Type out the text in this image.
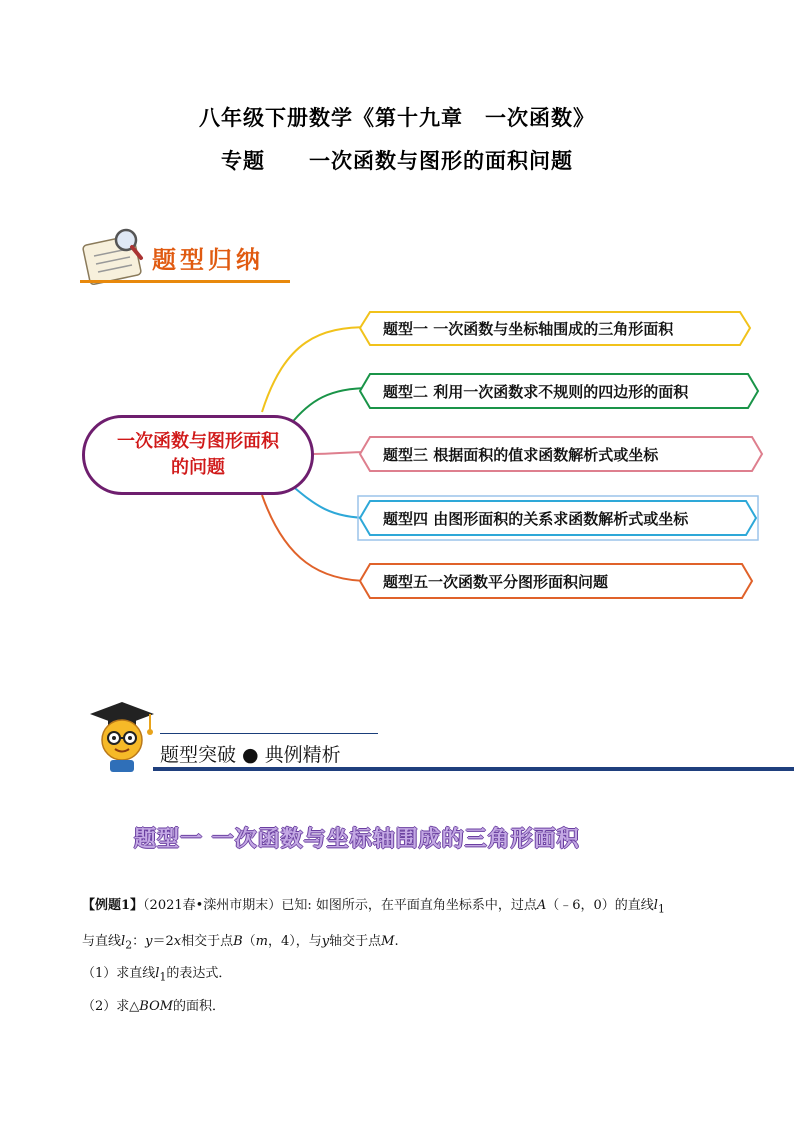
八年级下册数学《第十九章　一次函数》
专题　　一次函数与图形的面积问题
题型归纳
一次函数与图形面积的问题
题型一 一次函数与坐标轴围成的三角形面积
题型二 利用一次函数求不规则的四边形的面积
题型三 根据面积的值求函数解析式或坐标
题型四 由图形面积的关系求函数解析式或坐标
题型五一次函数平分图形面积问题
题型突破 ● 典例精析
题型一 一次函数与坐标轴围成的三角形面积
【例题1】（2021春•滦州市期末）已知: 如图所示，在平面直角坐标系中，过点A（﹣6，0）的直线$l_1$
与直线$l_2$：y＝2x相交于点B（m，4），与y轴交于点M.
（1）求直线$l_1$的表达式．
（2）求△BOM的面积．
